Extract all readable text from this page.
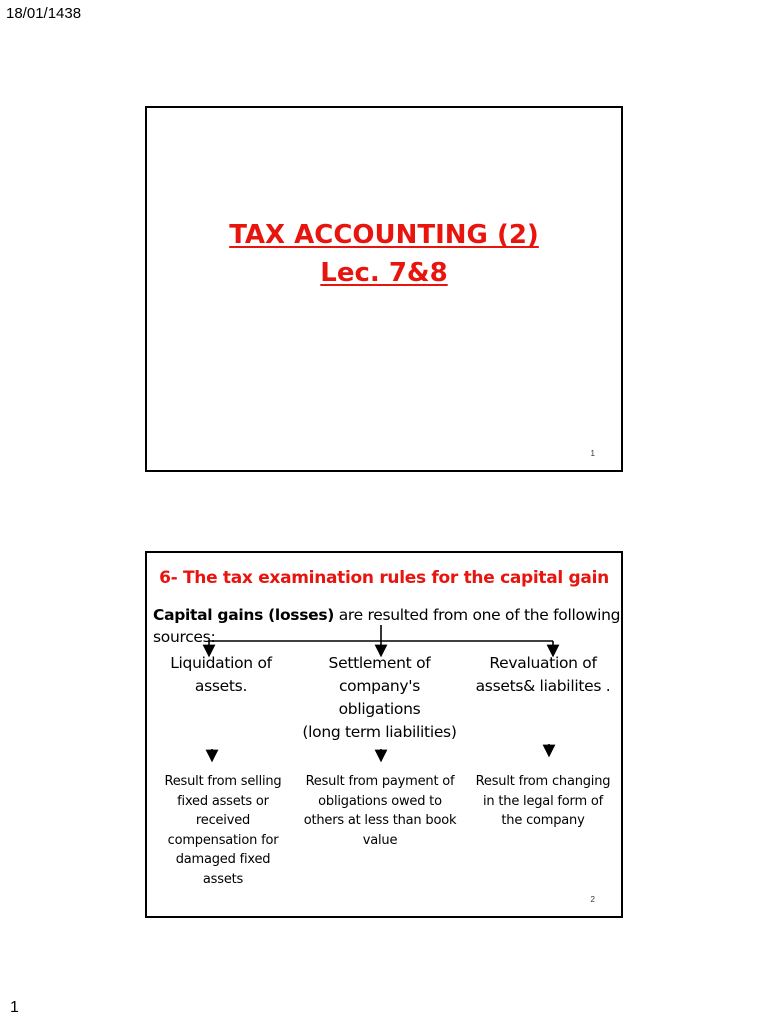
18/01/1438
TAX ACCOUNTING (2)
Lec. 7&8
1
6- The tax examination rules for the capital gain
Capital gains (losses) are resulted from one of the following sources:
Liquidation of
assets.
Settlement of
company's
obligations
(long term liabilities)
Revaluation of
assets& liabilites .
Result from selling
fixed assets or
received
compensation for
damaged fixed
assets
Result from payment of
obligations owed to
others at less than book
value
Result from changing
in the legal form of
the company
2
1
